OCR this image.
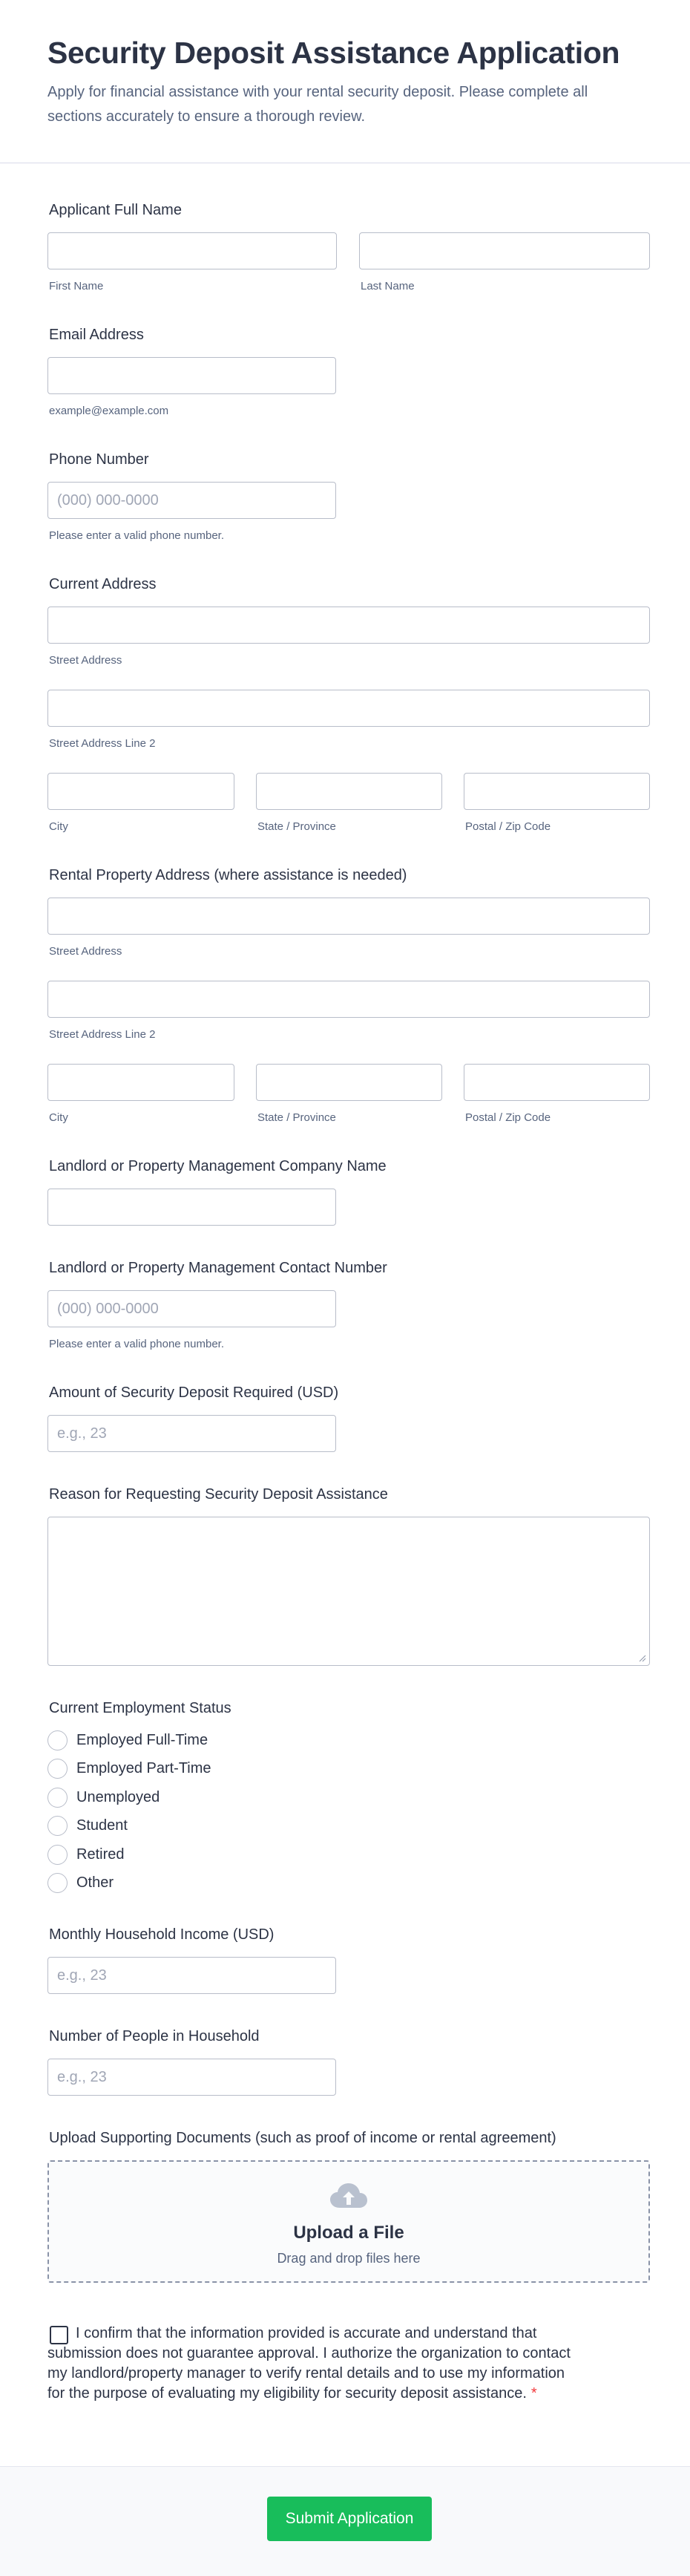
Security Deposit Assistance Application
Apply for financial assistance with your rental security deposit. Please complete all sections accurately to ensure a thorough review.
Applicant Full Name
First Name	Last Name
Email Address
example@example.com
Phone Number
(000) 000-0000
Please enter a valid phone number.
Current Address
Street Address
Street Address Line 2
City	State / Province	Postal / Zip Code
Rental Property Address (where assistance is needed)
Street Address
Street Address Line 2
City	State / Province	Postal / Zip Code
Landlord or Property Management Company Name
Landlord or Property Management Contact Number
(000) 000-0000
Please enter a valid phone number.
Amount of Security Deposit Required (USD)
e.g., 23
Reason for Requesting Security Deposit Assistance
Current Employment Status
Employed Full-Time
Employed Part-Time
Unemployed
Student
Retired
Other
Monthly Household Income (USD)
e.g., 23
Number of People in Household
e.g., 23
Upload Supporting Documents (such as proof of income or rental agreement)
Upload a File
Drag and drop files here
I confirm that the information provided is accurate and understand that submission does not guarantee approval. I authorize the organization to contact my landlord/property manager to verify rental details and to use my information for the purpose of evaluating my eligibility for security deposit assistance. *
Submit Application
